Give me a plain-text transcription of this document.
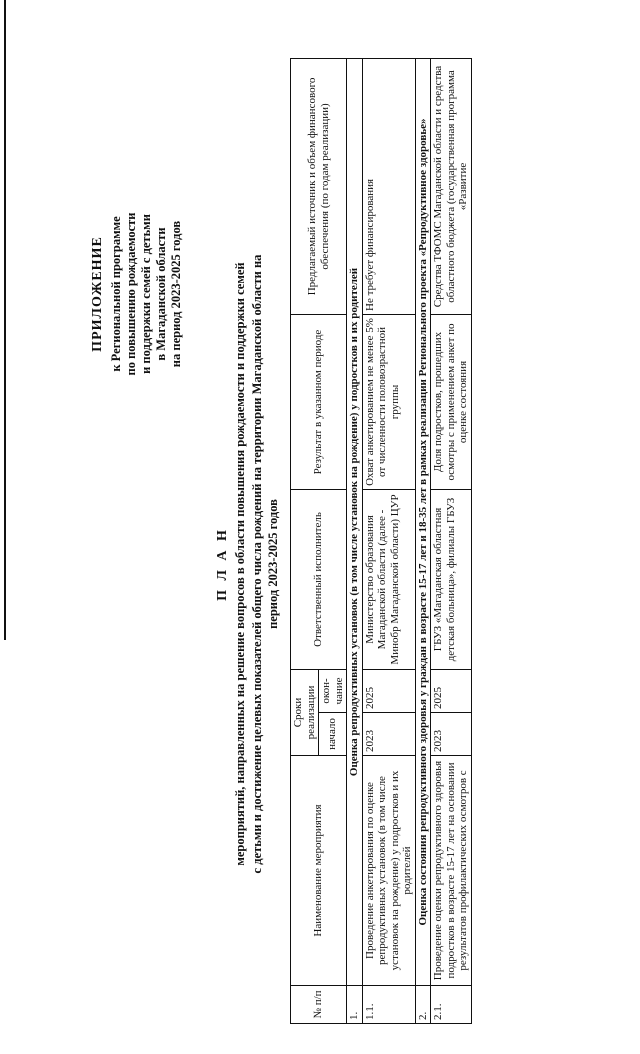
ПРИЛОЖЕНИЕ к Региональной программе по повышению рождаемости и поддержки семей с детьми в Магаданской области на период 2023-2025 годов
П Л А Н мероприятий, направленных на решение вопросов в области повышения рождаемости и поддержки семей с детьми и достижение целевых показателей общего числа рождений на территории Магаданской области на период 2023-2025 годов
№ п/п	Наименование мероприятия	Сроки реализации		Ответственный исполнитель	Результат в указанном периоде	Предлагаемый источник и объем финансового обеспечения (по годам реализации)
		начало	окон-чание			
1.	Оценка репродуктивных установок (в том числе установок на рождение) у подростков и их родителей					
1.1.	Проведение анкетирования по оценке репродуктивных установок (в том числе установок на рождение) у подростков и их родителей	2023	2025	Министерство образования Магаданской области (далее - Минобр Магаданской области) ЦУР	Охват анкетированием не менее 5% от численности половозрастной группы	Не требует финансирования
2.	Оценка состояния репродуктивного здоровья у граждан в возрасте 15-17 лет и 18-35 лет в рамках реализации Регионального проекта «Репродуктивное здоровье»					
2.1.	Проведение оценки репродуктивного здоровья подростков в возрасте 15-17 лет на основании результатов профилактических осмотров с	2023	2025	ГБУЗ «Магаданская областная детская больница», филиалы ГБУЗ	Доля подростков, прошедших осмотры с применением анкет по оценке состояния	Средства ТФОМС Магаданской области и средства областного бюджета (государственная программа «Развитие
